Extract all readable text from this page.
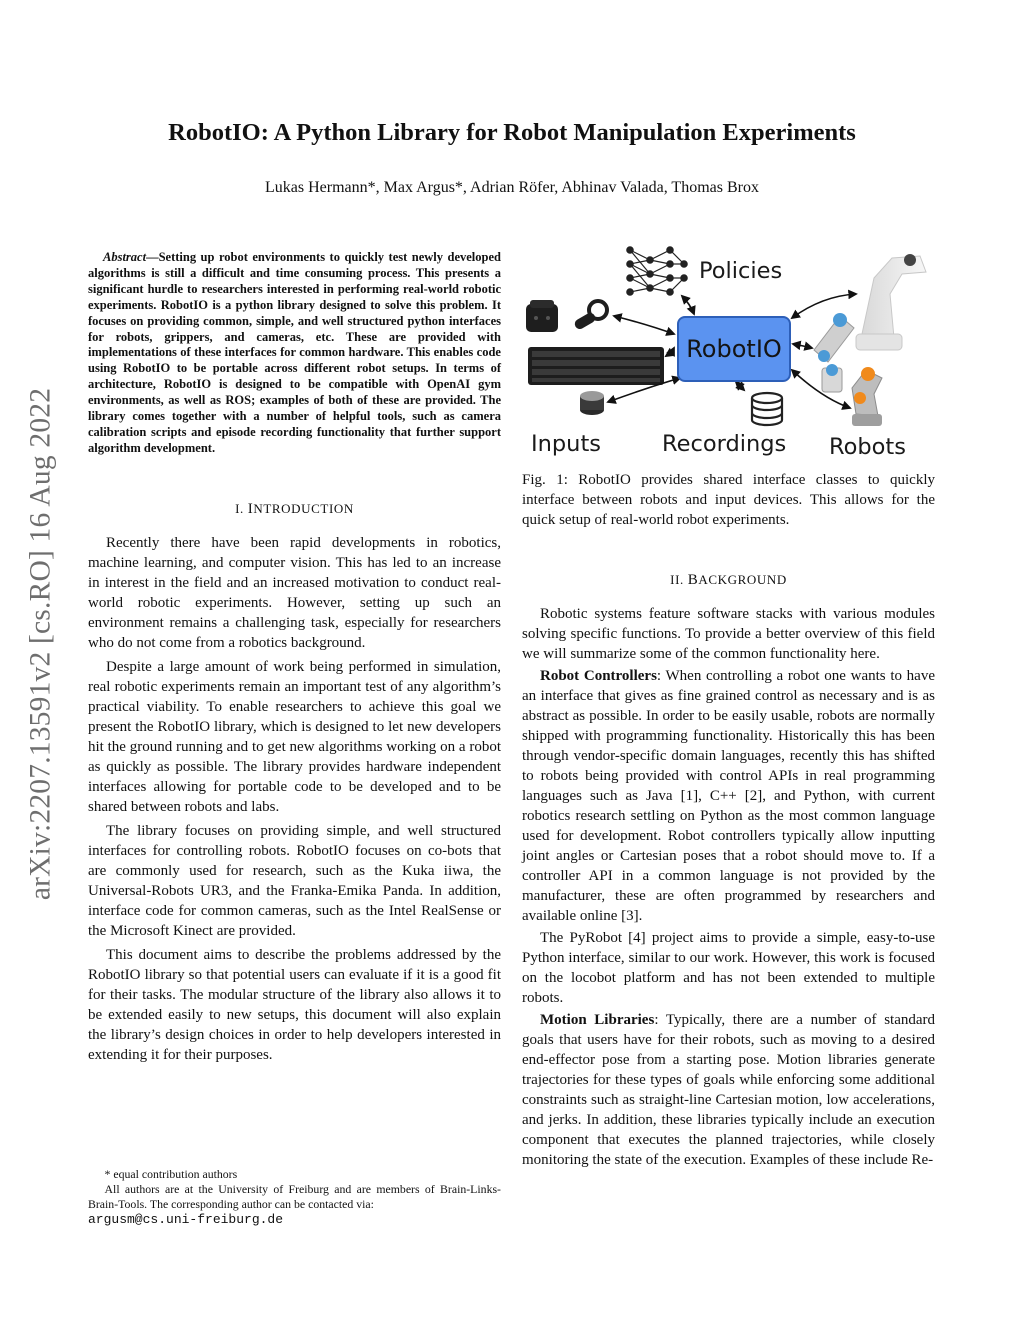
arXiv:2207.13591v2 [cs.RO] 16 Aug 2022
RobotIO: A Python Library for Robot Manipulation Experiments

Lukas Hermann*, Max Argus*, Adrian Röfer, Abhinav Valada, Thomas Brox

Abstract—Setting up robot environments to quickly test newly developed algorithms is still a difficult and time consuming process. This presents a significant hurdle to researchers interested in performing real-world robotic experiments. RobotIO is a python library designed to solve this problem. It focuses on providing common, simple, and well structured python interfaces for robots, grippers, and cameras, etc. These are provided with implementations of these interfaces for common hardware. This enables code using RobotIO to be portable across different robot setups. In terms of architecture, RobotIO is designed to be compatible with OpenAI gym environments, as well as ROS; examples of both of these are provided. The library comes together with a number of helpful tools, such as camera calibration scripts and episode recording functionality that further support algorithm development.

I. INTRODUCTION

Recently there have been rapid developments in robotics, machine learning, and computer vision. This has led to an increase in interest in the field and an increased motivation to conduct real-world robotic experiments. However, setting up such an environment remains a challenging task, especially for researchers who do not come from a robotics background.

Despite a large amount of work being performed in simulation, real robotic experiments remain an important test of any algorithm’s practical viability. To enable researchers to achieve this goal we present the RobotIO library, which is designed to let new developers hit the ground running and to get new algorithms working on a robot as quickly as possible. The library provides hardware independent interfaces allowing for portable code to be developed and to be shared between robots and labs.

The library focuses on providing simple, and well structured interfaces for controlling robots. RobotIO focuses on co-bots that are commonly used for research, such as the Kuka iiwa, the Universal-Robots UR3, and the Franka-Emika Panda. In addition, interface code for common cameras, such as the Intel RealSense or the Microsoft Kinect are provided.

This document aims to describe the problems addressed by the RobotIO library so that potential users can evaluate if it is a good fit for their tasks. The modular structure of the library also allows it to be extended easily to new setups, this document will also explain the library’s design choices in order to help developers interested in extending it for their purposes.

* equal contribution authors

All authors are at the University of Freiburg and are members of Brain-Links-Brain-Tools. The corresponding author can be contacted via:

argusm@cs.uni-freiburg.de

RobotIO
Policies
Inputs	Recordings Robots

Fig. 1: RobotIO provides shared interface classes to quickly interface between robots and input devices. This allows for the quick setup of real-world robot experiments.

II. BACKGROUND

Robotic systems feature software stacks with various modules solving specific functions. To provide a better overview of this field we will summarize some of the common functionality here.

Robot Controllers: When controlling a robot one wants to have an interface that gives as fine grained control as necessary and is as abstract as possible. In order to be easily usable, robots are normally shipped with programming functionality. Historically this has been through vendor-specific domain languages, recently this has shifted to robots being provided with control APIs in real programming languages such as Java [1], C++ [2], and Python, with current robotics research settling on Python as the most common language used for development. Robot controllers typically allow inputting joint angles or Cartesian poses that a robot should move to. If a controller API in a common language is not provided by the manufacturer, these are often programmed by researchers and available online [3].

The PyRobot [4] project aims to provide a simple, easy-to-use Python interface, similar to our work. However, this work is focused on the locobot platform and has not been extended to multiple robots.

Motion Libraries: Typically, there are a number of standard goals that users have for their robots, such as moving to a desired end-effector pose from a starting pose. Motion libraries generate trajectories for these types of goals while enforcing some additional constraints such as straight-line Cartesian motion, low accelerations, and jerks. In addition, these libraries typically include an execution component that executes the planned trajectories, while closely monitoring the state of the execution. Examples of these include Re-
